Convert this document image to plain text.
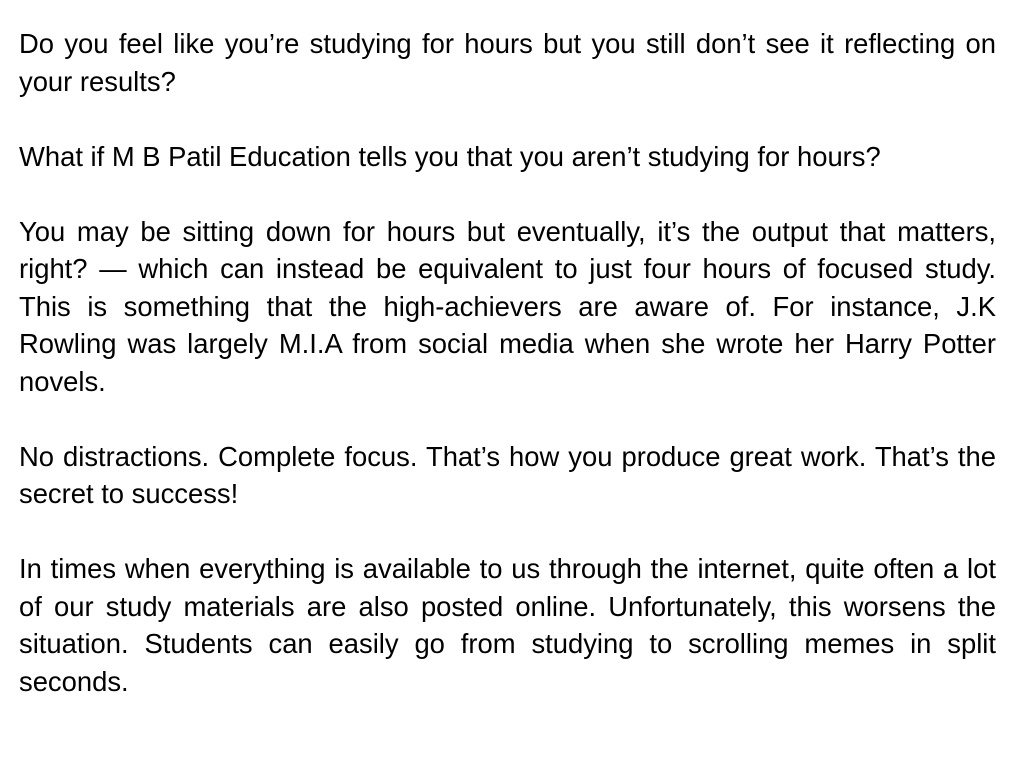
Do you feel like you’re studying for hours but you still don’t see it reflecting on your results?

What if M B Patil Education tells you that you aren’t studying for hours?

You may be sitting down for hours but eventually, it’s the output that matters, right? — which can instead be equivalent to just four hours of focused study. This is something that the high-achievers are aware of. For instance, J.K Rowling was largely M.I.A from social media when she wrote her Harry Potter novels.

No distractions. Complete focus. That’s how you produce great work. That’s the secret to success!

In times when everything is available to us through the internet, quite often a lot of our study materials are also posted online. Unfortunately, this worsens the situation. Students can easily go from studying to scrolling memes in split seconds.
